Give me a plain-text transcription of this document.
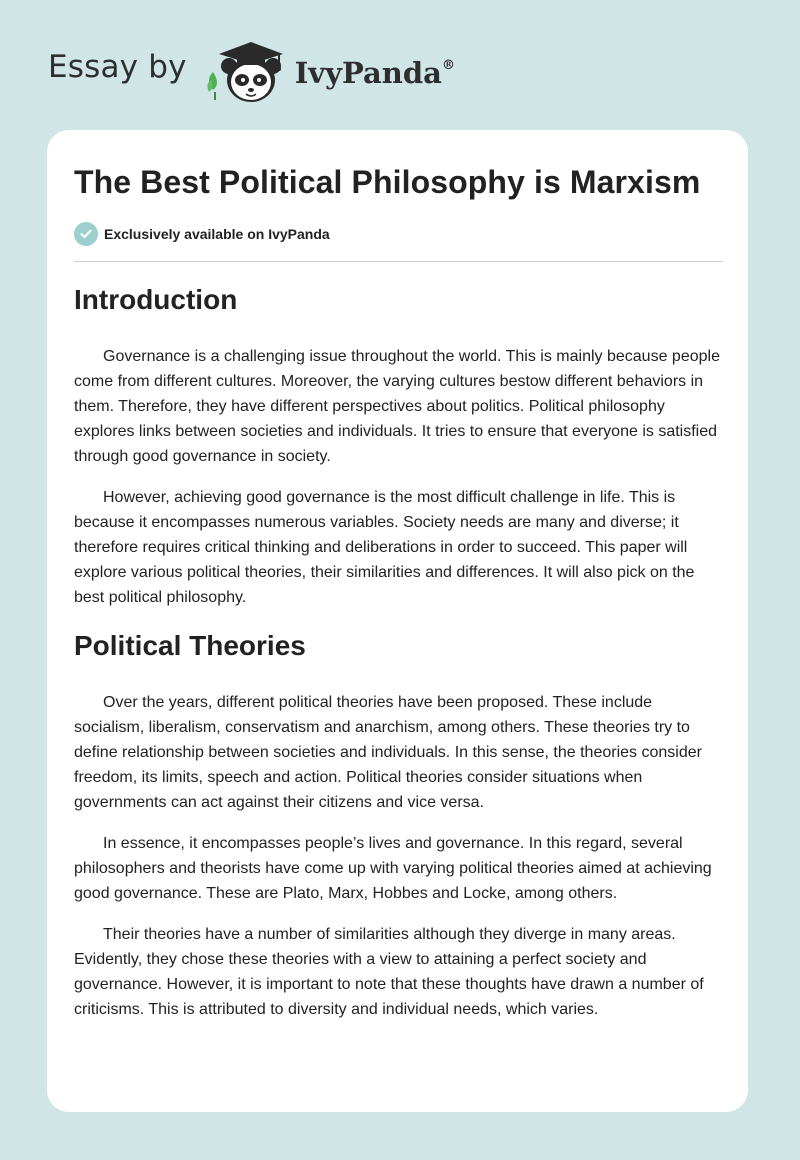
Essay by	IvyPanda®
The Best Political Philosophy is Marxism
Exclusively available on IvyPanda
Introduction

Governance is a challenging issue throughout the world. This is mainly because people come from different cultures. Moreover, the varying cultures bestow different behaviors in them. Therefore, they have different perspectives about politics. Political philosophy explores links between societies and individuals. It tries to ensure that everyone is satisfied through good governance in society.

However, achieving good governance is the most difficult challenge in life. This is because it encompasses numerous variables. Society needs are many and diverse; it therefore requires critical thinking and deliberations in order to succeed. This paper will explore various political theories, their similarities and differences. It will also pick on the best political philosophy.

Political Theories

Over the years, different political theories have been proposed. These include socialism, liberalism, conservatism and anarchism, among others. These theories try to define relationship between societies and individuals. In this sense, the theories consider freedom, its limits, speech and action. Political theories consider situations when governments can act against their citizens and vice versa.

In essence, it encompasses people’s lives and governance. In this regard, several philosophers and theorists have come up with varying political theories aimed at achieving good governance. These are Plato, Marx, Hobbes and Locke, among others.

Their theories have a number of similarities although they diverge in many areas. Evidently, they chose these theories with a view to attaining a perfect society and governance. However, it is important to note that these thoughts have drawn a number of criticisms. This is attributed to diversity and individual needs, which varies.
